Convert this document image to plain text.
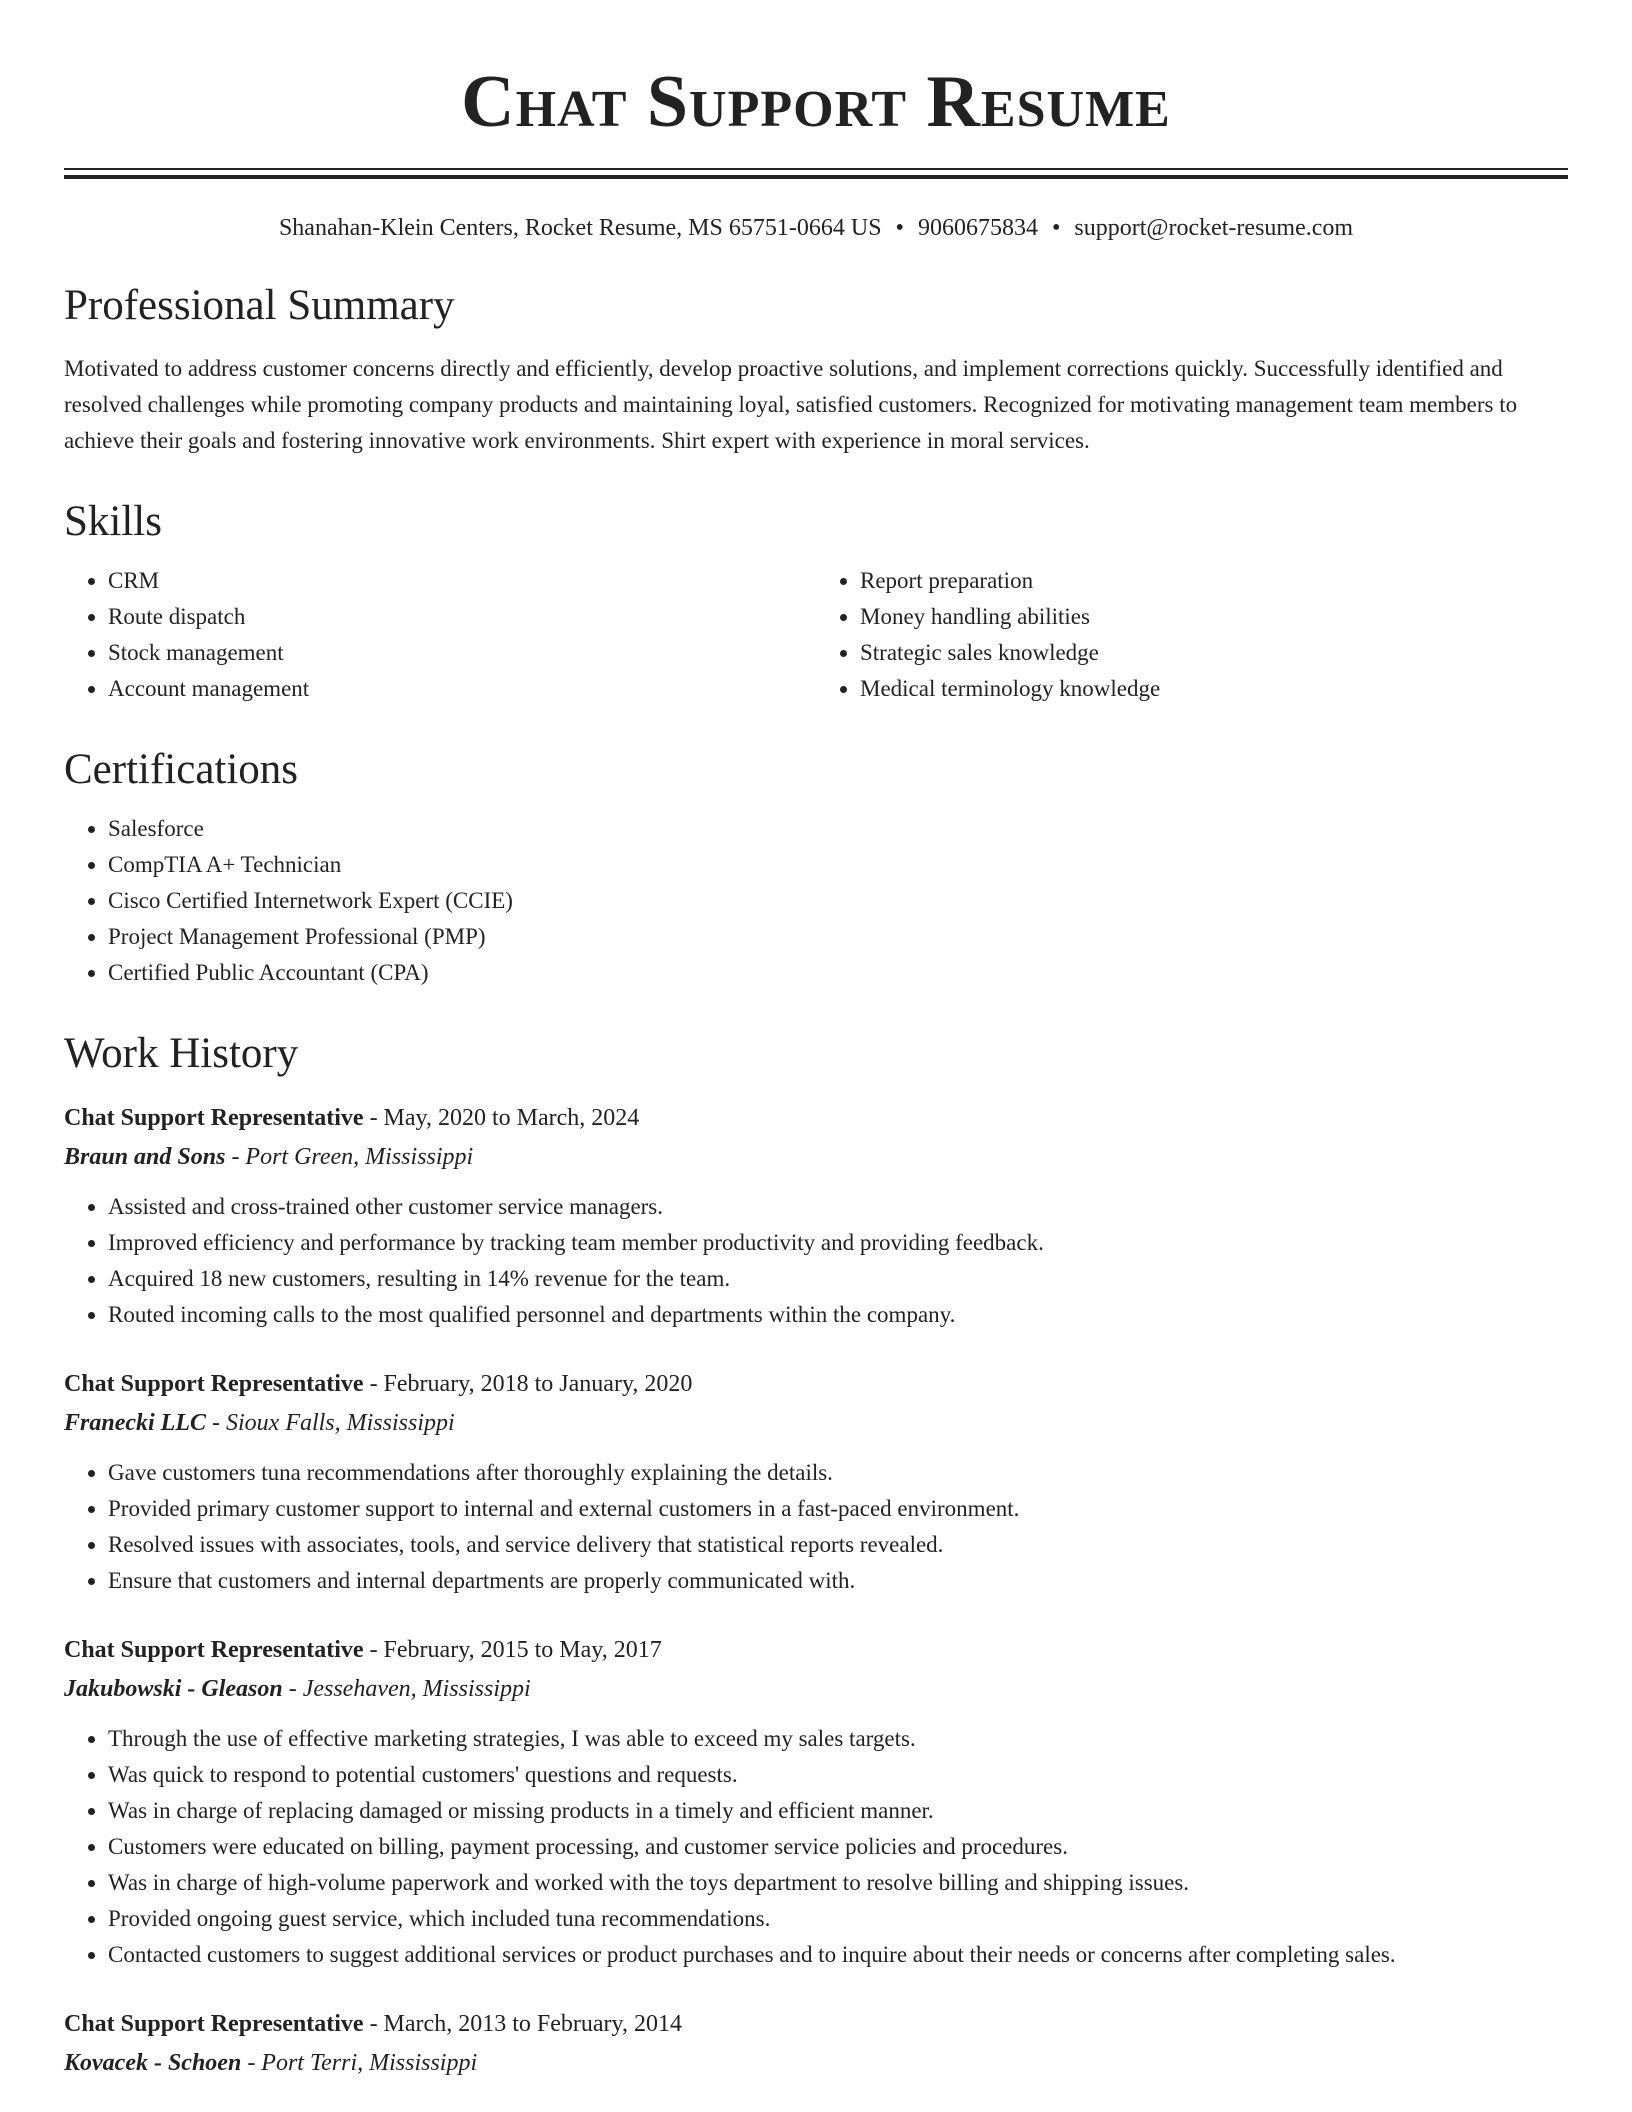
Chat Support Resume
Shanahan-Klein Centers, Rocket Resume, MS 65751-0664 US • 9060675834 • support@rocket-resume.com
Professional Summary
Motivated to address customer concerns directly and efficiently, develop proactive solutions, and implement corrections quickly. Successfully identified and resolved challenges while promoting company products and maintaining loyal, satisfied customers. Recognized for motivating management team members to achieve their goals and fostering innovative work environments. Shirt expert with experience in moral services.
Skills
• CRM
• Route dispatch
• Stock management
• Account management
• Report preparation
• Money handling abilities
• Strategic sales knowledge
• Medical terminology knowledge
Certifications
• Salesforce
• CompTIA A+ Technician
• Cisco Certified Internetwork Expert (CCIE)
• Project Management Professional (PMP)
• Certified Public Accountant (CPA)
Work History
Chat Support Representative - May, 2020 to March, 2024
Braun and Sons - Port Green, Mississippi
• Assisted and cross-trained other customer service managers.
• Improved efficiency and performance by tracking team member productivity and providing feedback.
• Acquired 18 new customers, resulting in 14% revenue for the team.
• Routed incoming calls to the most qualified personnel and departments within the company.
Chat Support Representative - February, 2018 to January, 2020
Franecki LLC - Sioux Falls, Mississippi
• Gave customers tuna recommendations after thoroughly explaining the details.
• Provided primary customer support to internal and external customers in a fast-paced environment.
• Resolved issues with associates, tools, and service delivery that statistical reports revealed.
• Ensure that customers and internal departments are properly communicated with.
Chat Support Representative - February, 2015 to May, 2017
Jakubowski - Gleason - Jessehaven, Mississippi
• Through the use of effective marketing strategies, I was able to exceed my sales targets.
• Was quick to respond to potential customers' questions and requests.
• Was in charge of replacing damaged or missing products in a timely and efficient manner.
• Customers were educated on billing, payment processing, and customer service policies and procedures.
• Was in charge of high-volume paperwork and worked with the toys department to resolve billing and shipping issues.
• Provided ongoing guest service, which included tuna recommendations.
• Contacted customers to suggest additional services or product purchases and to inquire about their needs or concerns after completing sales.
Chat Support Representative - March, 2013 to February, 2014
Kovacek - Schoen - Port Terri, Mississippi
